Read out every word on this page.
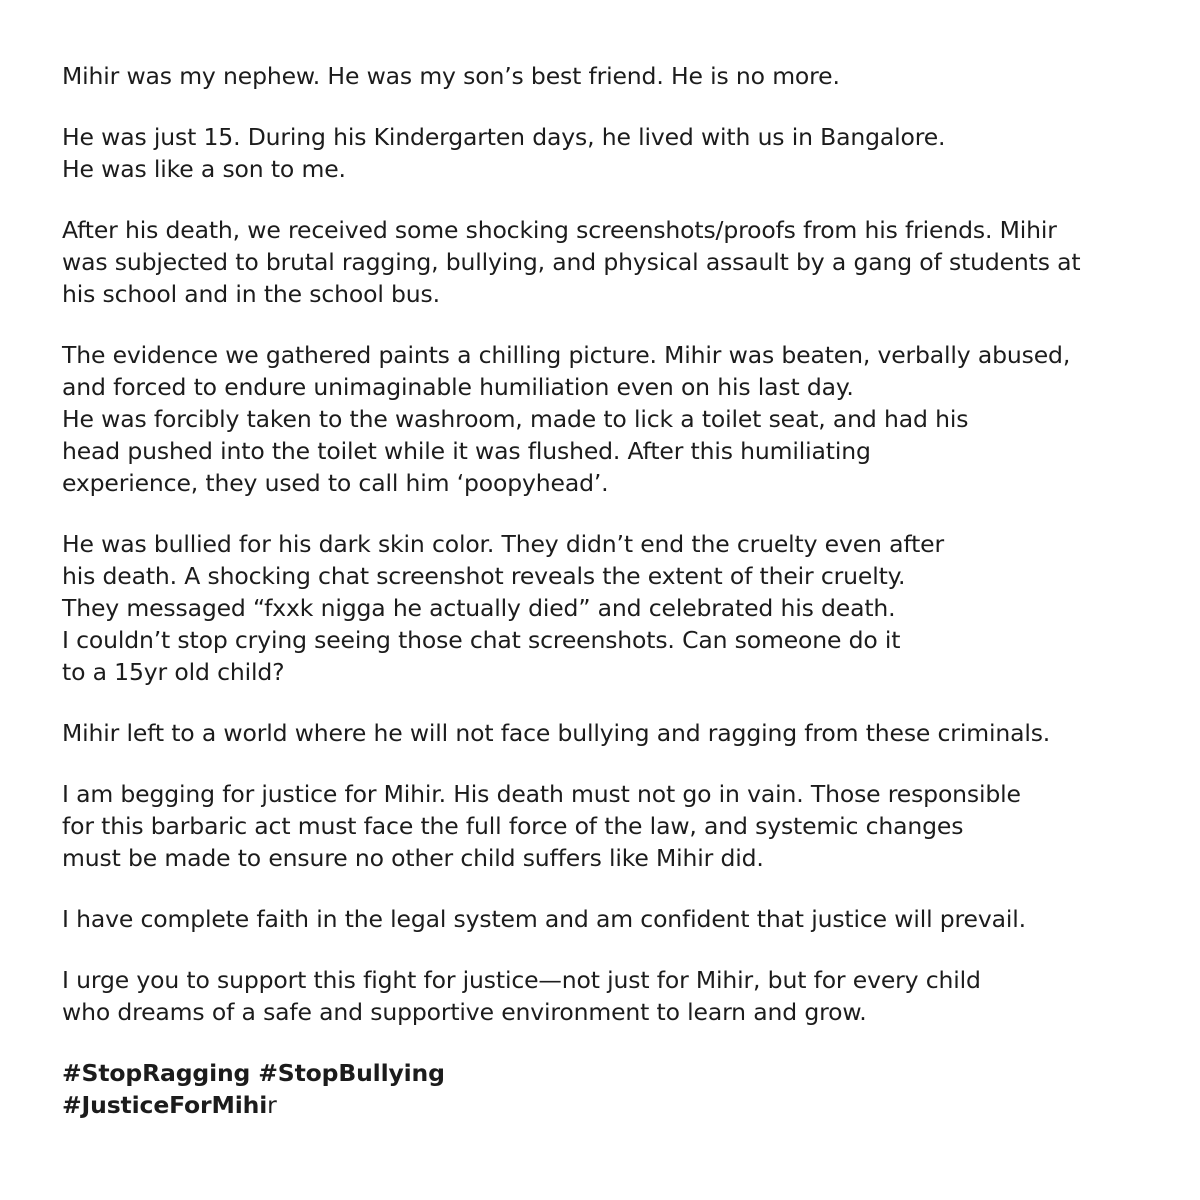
Mihir was my nephew. He was my son’s best friend. He is no more.
He was just 15. During his Kindergarten days, he lived with us in Bangalore.
He was like a son to me.
After his death, we received some shocking screenshots/proofs from his friends. Mihir
was subjected to brutal ragging, bullying, and physical assault by a gang of students at
his school and in the school bus.
The evidence we gathered paints a chilling picture. Mihir was beaten, verbally abused,
and forced to endure unimaginable humiliation even on his last day.
He was forcibly taken to the washroom, made to lick a toilet seat, and had his
head pushed into the toilet while it was flushed. After this humiliating
experience, they used to call him ‘poopyhead’.
He was bullied for his dark skin color. They didn’t end the cruelty even after
his death. A shocking chat screenshot reveals the extent of their cruelty.
They messaged “fxxk nigga he actually died” and celebrated his death.
I couldn’t stop crying seeing those chat screenshots. Can someone do it
to a 15yr old child?
Mihir left to a world where he will not face bullying and ragging from these criminals.
I am begging for justice for Mihir. His death must not go in vain. Those responsible
for this barbaric act must face the full force of the law, and systemic changes
must be made to ensure no other child suffers like Mihir did.
I have complete faith in the legal system and am confident that justice will prevail.
I urge you to support this fight for justice—not just for Mihir, but for every child
who dreams of a safe and supportive environment to learn and grow.
#StopRagging #StopBullying
#JusticeForMihir
